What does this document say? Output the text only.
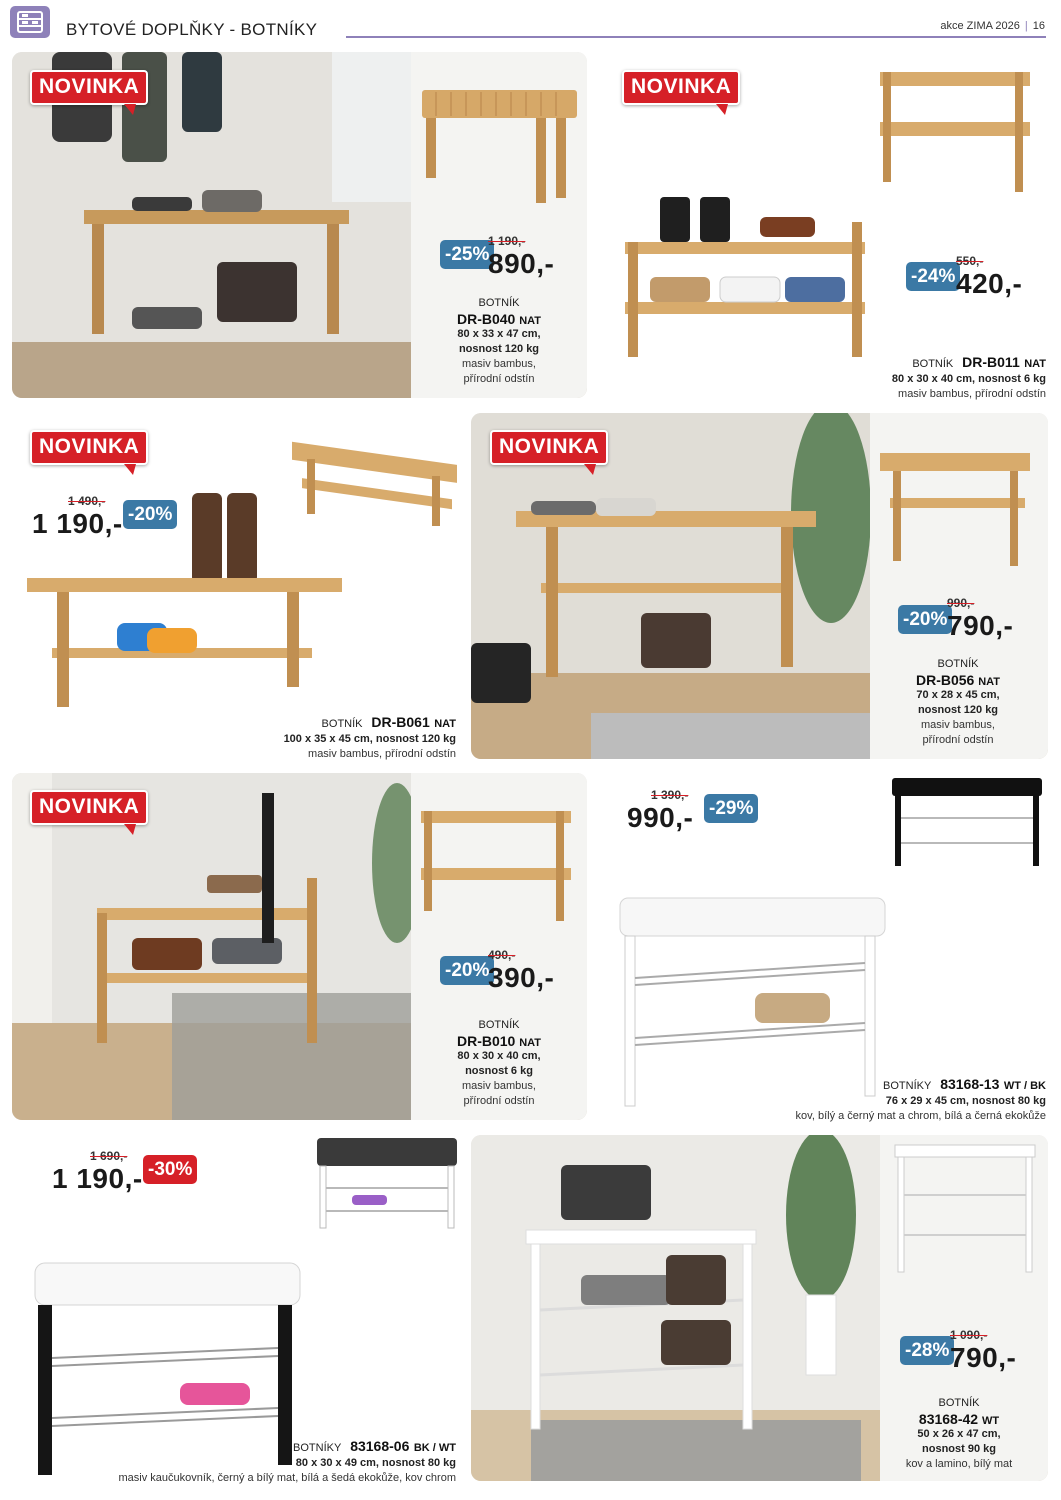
BYTOVÉ DOPLŇKY - BOTNÍKY	akce ZIMA 2026 | 16
NOVINKA
-25%
1 190,-
890,-
BOTNÍK
DR-B040 NAT
80 x 33 x 47 cm,
nosnost 120 kg
masiv bambus,
přírodní odstín
NOVINKA
-24%
550,-
420,-
BOTNÍK DR-B011 NAT
80 x 30 x 40 cm, nosnost 6 kg
masiv bambus, přírodní odstín
NOVINKA
1 490,-
1 190,- -20%
BOTNÍK DR-B061 NAT
100 x 35 x 45 cm, nosnost 120 kg
masiv bambus, přírodní odstín
NOVINKA
-20%
990,-
790,-
BOTNÍK
DR-B056 NAT
70 x 28 x 45 cm,
nosnost 120 kg
masiv bambus,
přírodní odstín
NOVINKA
-20%
490,-
390,-
BOTNÍK
DR-B010 NAT
80 x 30 x 40 cm,
nosnost 6 kg
masiv bambus,
přírodní odstín
1 390,-
990,- -29%
BOTNÍKY 83168-13 WT / BK
76 x 29 x 45 cm, nosnost 80 kg
kov, bílý a černý mat a chrom, bílá a černá ekokůže
1 690,-
1 190,- -30%
BOTNÍKY 83168-06 BK / WT
80 x 30 x 49 cm, nosnost 80 kg
masiv kaučukovník, černý a bílý mat, bílá a šedá ekokůže, kov chrom
-28%
1 090,-
790,-
BOTNÍK
83168-42 WT
50 x 26 x 47 cm,
nosnost 90 kg
kov a lamino, bílý mat
